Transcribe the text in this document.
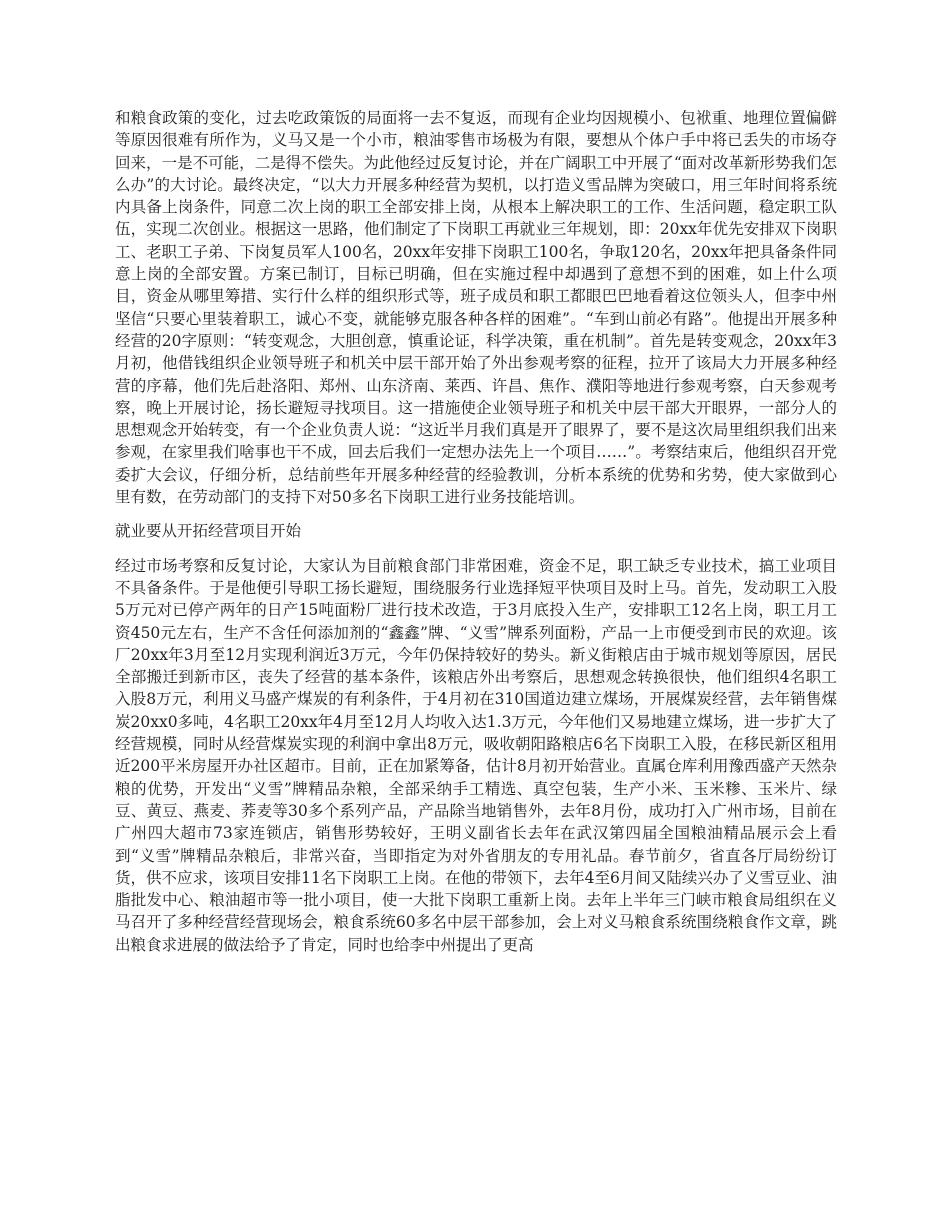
和粮食政策的变化，过去吃政策饭的局面将一去不复返，而现有企业均因规模小、包袱重、地理位置偏僻等原因很难有所作为，义马又是一个小市，粮油零售市场极为有限，要想从个体户手中将已丢失的市场夺回来，一是不可能，二是得不偿失。为此他经过反复讨论，并在广阔职工中开展了“面对改革新形势我们怎么办”的大讨论。最终决定，“以大力开展多种经营为契机，以打造义雪品牌为突破口，用三年时间将系统内具备上岗条件，同意二次上岗的职工全部安排上岗，从根本上解决职工的工作、生活问题，稳定职工队伍，实现二次创业。根据这一思路，他们制定了下岗职工再就业三年规划，即：20xx年优先安排双下岗职工、老职工子弟、下岗复员军人100名，20xx年安排下岗职工100名，争取120名，20xx年把具备条件同意上岗的全部安置。方案已制订，目标已明确，但在实施过程中却遇到了意想不到的困难，如上什么项目，资金从哪里筹措、实行什么样的组织形式等，班子成员和职工都眼巴巴地看着这位领头人，但李中州坚信“只要心里装着职工，诚心不变，就能够克服各种各样的困难”。“车到山前必有路”。他提出开展多种经营的20字原则：“转变观念，大胆创意，慎重论证，科学决策，重在机制”。首先是转变观念，20xx年3月初，他借钱组织企业领导班子和机关中层干部开始了外出参观考察的征程，拉开了该局大力开展多种经营的序幕，他们先后赴洛阳、郑州、山东济南、莱西、许昌、焦作、濮阳等地进行参观考察，白天参观考察，晚上开展讨论，扬长避短寻找项目。这一措施使企业领导班子和机关中层干部大开眼界，一部分人的思想观念开始转变，有一个企业负责人说：“这近半月我们真是开了眼界了，要不是这次局里组织我们出来参观，在家里我们啥事也干不成，回去后我们一定想办法先上一个项目……”。考察结束后，他组织召开党委扩大会议，仔细分析，总结前些年开展多种经营的经验教训，分析本系统的优势和劣势，使大家做到心里有数，在劳动部门的支持下对50多名下岗职工进行业务技能培训。

就业要从开拓经营项目开始

经过市场考察和反复讨论，大家认为目前粮食部门非常困难，资金不足，职工缺乏专业技术，搞工业项目不具备条件。于是他便引导职工扬长避短，围绕服务行业选择短平快项目及时上马。首先，发动职工入股5万元对已停产两年的日产15吨面粉厂进行技术改造，于3月底投入生产，安排职工12名上岗，职工月工资450元左右，生产不含任何添加剂的“鑫鑫”牌、“义雪”牌系列面粉，产品一上市便受到市民的欢迎。该厂20xx年3月至12月实现利润近3万元，今年仍保持较好的势头。新义街粮店由于城市规划等原因，居民全部搬迁到新市区，丧失了经营的基本条件，该粮店外出考察后，思想观念转换很快，他们组织4名职工入股8万元，利用义马盛产煤炭的有利条件，于4月初在310国道边建立煤场，开展煤炭经营，去年销售煤炭20xx0多吨，4名职工20xx年4月至12月人均收入达1.3万元，今年他们又易地建立煤场，进一步扩大了经营规模，同时从经营煤炭实现的利润中拿出8万元，吸收朝阳路粮店6名下岗职工入股，在移民新区租用近200平米房屋开办社区超市。目前，正在加紧筹备，估计8月初开始营业。直属仓库利用豫西盛产天然杂粮的优势，开发出“义雪”牌精品杂粮，全部采纳手工精选、真空包装，生产小米、玉米糁、玉米片、绿豆、黄豆、燕麦、荞麦等30多个系列产品，产品除当地销售外，去年8月份，成功打入广州市场，目前在广州四大超市73家连锁店，销售形势较好，王明义副省长去年在武汉第四届全国粮油精品展示会上看到“义雪”牌精品杂粮后，非常兴奋，当即指定为对外省朋友的专用礼品。春节前夕，省直各厅局纷纷订货，供不应求，该项目安排11名下岗职工上岗。在他的带领下，去年4至6月间又陆续兴办了义雪豆业、油脂批发中心、粮油超市等一批小项目，使一大批下岗职工重新上岗。去年上半年三门峡市粮食局组织在义马召开了多种经营经营现场会，粮食系统60多名中层干部参加，会上对义马粮食系统围绕粮食作文章，跳出粮食求进展的做法给予了肯定，同时也给李中州提出了更高
